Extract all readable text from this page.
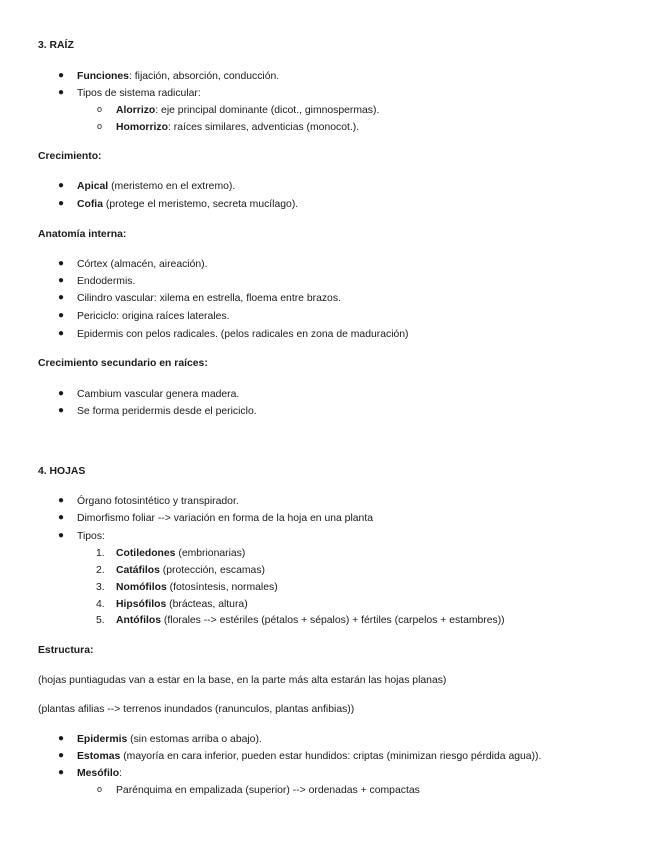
3. RAÍZ
● Funciones: fijación, absorción, conducción.
● Tipos de sistema radicular:
o Alorrizo: eje principal dominante (dicot., gimnospermas).
o Homorrizo: raíces similares, adventicias (monocot.).
Crecimiento:
● Apical (meristemo en el extremo).
● Cofia (protege el meristemo, secreta mucílago).
Anatomía interna:
● Córtex (almacén, aireación).
● Endodermis.
● Cilindro vascular: xilema en estrella, floema entre brazos.
● Periciclo: origina raíces laterales.
● Epidermis con pelos radicales. (pelos radicales en zona de maduración)
Crecimiento secundario en raíces:
● Cambium vascular genera madera.
● Se forma peridermis desde el periciclo.
4. HOJAS
● Órgano fotosintético y transpirador.
● Dimorfismo foliar --> variación en forma de la hoja en una planta
● Tipos:
1. Cotiledones (embrionarias)
2. Catáfilos (protección, escamas)
3. Nomófilos (fotosíntesis, normales)
4. Hipsófilos (brácteas, altura)
5. Antófilos (florales --> estériles (pétalos + sépalos) + fértiles (carpelos + estambres))
Estructura:
(hojas puntiagudas van a estar en la base, en la parte más alta estarán las hojas planas)
(plantas afilias --> terrenos inundados (ranunculos, plantas anfibias))
● Epidermis (sin estomas arriba o abajo).
● Estomas (mayoría en cara inferior, pueden estar hundidos: criptas (minimizan riesgo pérdida agua)).
● Mesófilo:
o Parénquima en empalizada (superior) --> ordenadas + compactas
